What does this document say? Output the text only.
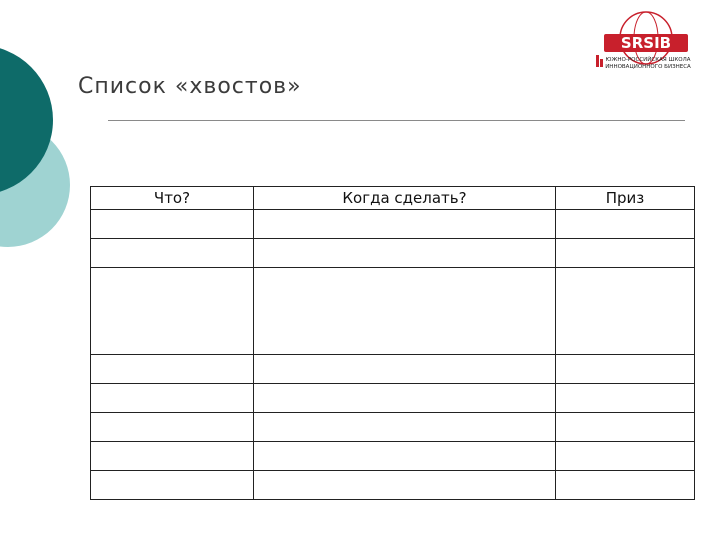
SRSIB
ЮЖНО-РОССИЙСКАЯ ШКОЛА
ИННОВАЦИОННОГО БИЗНЕСА
Список «хвостов»
Что?	Когда сделать?	Приз
